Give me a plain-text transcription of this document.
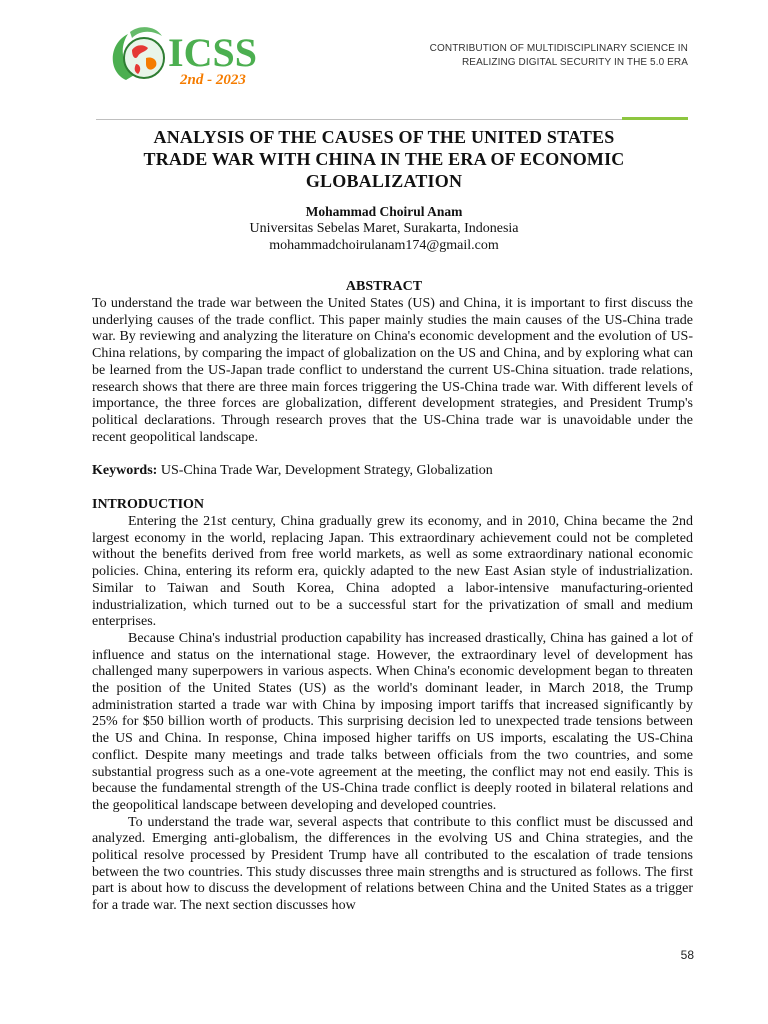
ICSS
2nd - 2023
CONTRIBUTION OF MULTIDISCIPLINARY SCIENCE IN
REALIZING DIGITAL SECURITY IN THE 5.0 ERA
ANALYSIS OF THE CAUSES OF THE UNITED STATES
TRADE WAR WITH CHINA IN THE ERA OF ECONOMIC
GLOBALIZATION
Mohammad Choirul Anam
Universitas Sebelas Maret, Surakarta, Indonesia
mohammadchoirulanam174@gmail.com
ABSTRACT

To understand the trade war between the United States (US) and China, it is important to first discuss the underlying causes of the trade conflict. This paper mainly studies the main causes of the US-China trade war. By reviewing and analyzing the literature on China's economic development and the evolution of US-China relations, by comparing the impact of globalization on the US and China, and by exploring what can be learned from the US-Japan trade conflict to understand the current US-China situation. trade relations, research shows that there are three main forces triggering the US-China trade war. With different levels of importance, the three forces are globalization, different development strategies, and President Trump's political declarations. Through research proves that the US-China trade war is unavoidable under the recent geopolitical landscape.

Keywords: US-China Trade War, Development Strategy, Globalization
INTRODUCTION

Entering the 21st century, China gradually grew its economy, and in 2010, China became the 2nd largest economy in the world, replacing Japan. This extraordinary achievement could not be completed without the benefits derived from free world markets, as well as some extraordinary national economic policies. China, entering its reform era, quickly adapted to the new East Asian style of industrialization. Similar to Taiwan and South Korea, China adopted a labor-intensive manufacturing-oriented industrialization, which turned out to be a successful start for the privatization of small and medium enterprises.

Because China's industrial production capability has increased drastically, China has gained a lot of influence and status on the international stage. However, the extraordinary level of development has challenged many superpowers in various aspects. When China's economic development began to threaten the position of the United States (US) as the world's dominant leader, in March 2018, the Trump administration started a trade war with China by imposing import tariffs that increased significantly by 25% for $50 billion worth of products. This surprising decision led to unexpected trade tensions between the US and China. In response, China imposed higher tariffs on US imports, escalating the US-China conflict. Despite many meetings and trade talks between officials from the two countries, and some substantial progress such as a one-vote agreement at the meeting, the conflict may not end easily. This is because the fundamental strength of the US-China trade conflict is deeply rooted in bilateral relations and the geopolitical landscape between developing and developed countries.

To understand the trade war, several aspects that contribute to this conflict must be discussed and analyzed. Emerging anti-globalism, the differences in the evolving US and China strategies, and the political resolve processed by President Trump have all contributed to the escalation of trade tensions between the two countries. This study discusses three main strengths and is structured as follows. The first part is about how to discuss the development of relations between China and the United States as a trigger for a trade war. The next section discusses how

58
